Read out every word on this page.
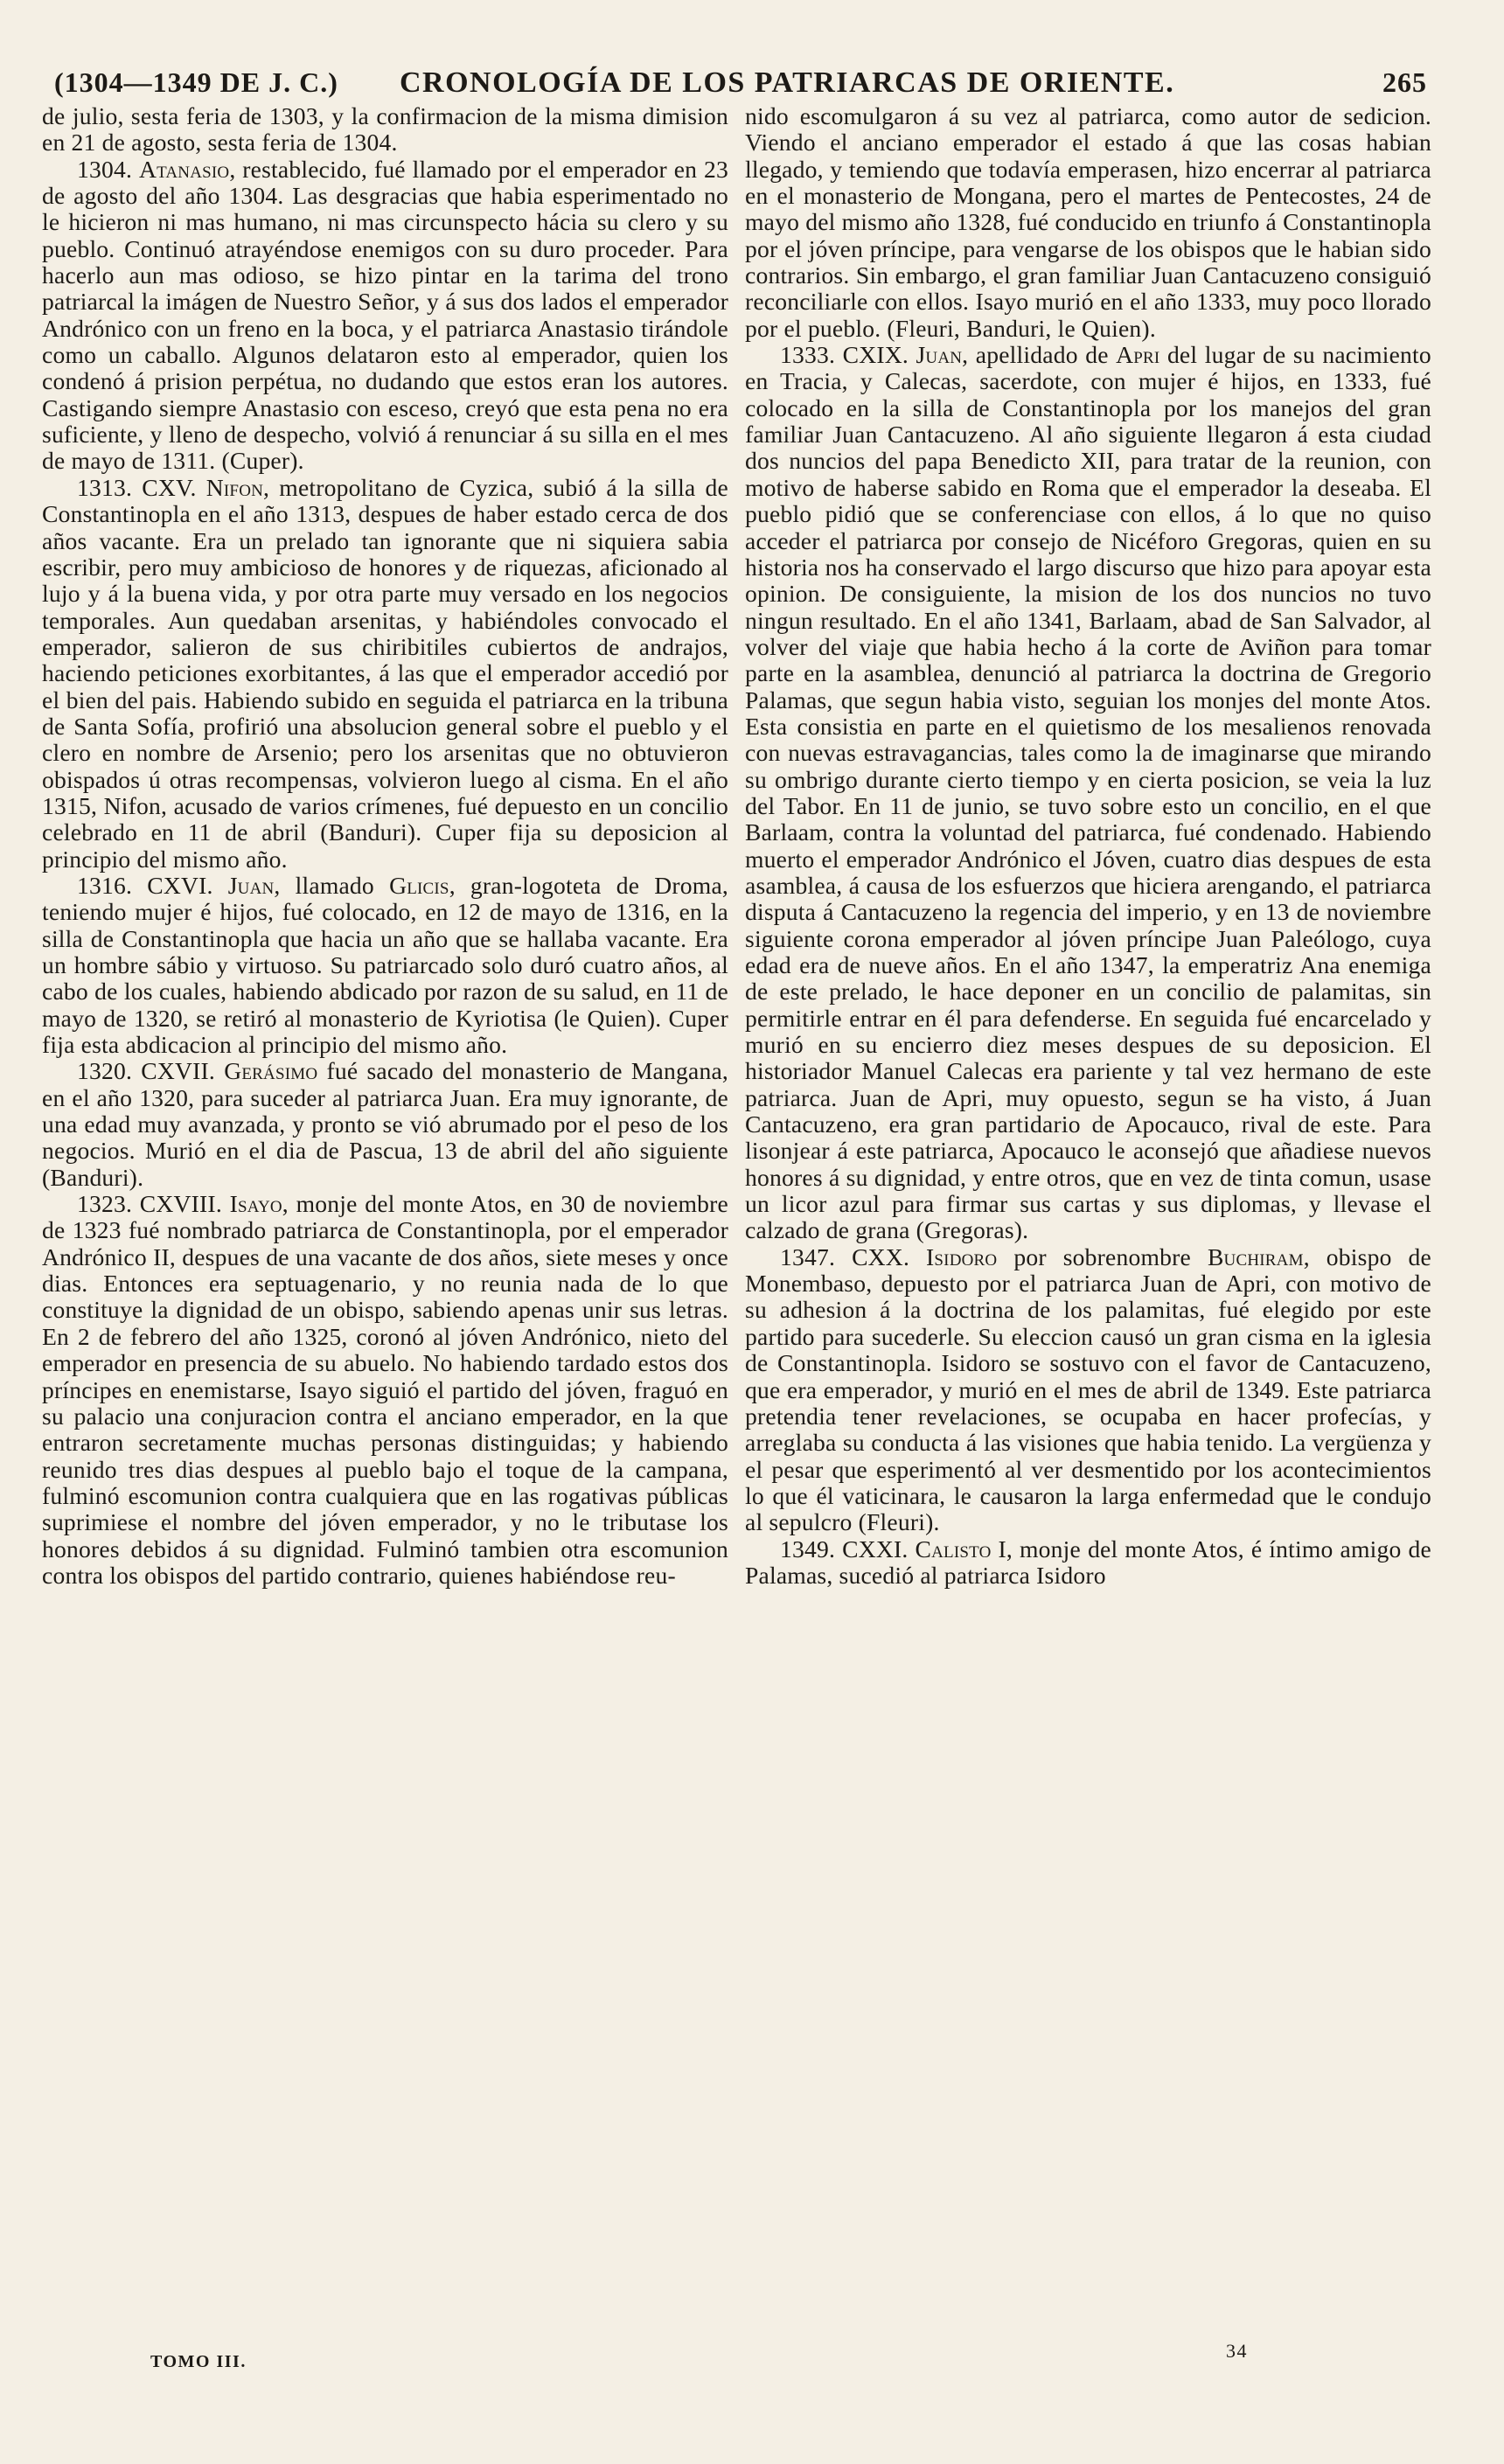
(1304—1349 DE J. C.) CRONOLOGÍA DE LOS PATRIARCAS DE ORIENTE.	265

de julio, sesta feria de 1303, y la confirmacion de la misma dimision en 21 de agosto, sesta feria de 1304.

1304. Atanasio, restablecido, fué llamado por el emperador en 23 de agosto del año 1304. Las desgracias que habia esperimentado no le hicieron ni mas humano, ni mas circunspecto hácia su clero y su pueblo. Continuó atrayéndose enemigos con su duro proceder. Para hacerlo aun mas odioso, se hizo pintar en la tarima del trono patriarcal la imágen de Nuestro Señor, y á sus dos lados el emperador Andrónico con un freno en la boca, y el patriarca Anastasio tirándole como un caballo. Algunos delataron esto al emperador, quien los condenó á prision perpétua, no dudando que estos eran los autores. Castigando siempre Anastasio con esceso, creyó que esta pena no era suficiente, y lleno de despecho, volvió á renunciar á su silla en el mes de mayo de 1311. (Cuper).

1313. CXV. Nifon, metropolitano de Cyzica, subió á la silla de Constantinopla en el año 1313, despues de haber estado cerca de dos años vacante. Era un prelado tan ignorante que ni siquiera sabia escribir, pero muy ambicioso de honores y de riquezas, aficionado al lujo y á la buena vida, y por otra parte muy versado en los negocios temporales. Aun quedaban arsenitas, y habiéndoles convocado el emperador, salieron de sus chiribitiles cubiertos de andrajos, haciendo peticiones exorbitantes, á las que el emperador accedió por el bien del pais. Habiendo subido en seguida el patriarca en la tribuna de Santa Sofía, profirió una absolucion general sobre el pueblo y el clero en nombre de Arsenio; pero los arsenitas que no obtuvieron obispados ú otras recompensas, volvieron luego al cisma. En el año 1315, Nifon, acusado de varios crímenes, fué depuesto en un concilio celebrado en 11 de abril (Banduri). Cuper fija su deposicion al principio del mismo año.

1316. CXVI. Juan, llamado Glicis, gran-logoteta de Droma, teniendo mujer é hijos, fué colocado, en 12 de mayo de 1316, en la silla de Constantinopla que hacia un año que se hallaba vacante. Era un hombre sábio y virtuoso. Su patriarcado solo duró cuatro años, al cabo de los cuales, habiendo abdicado por razon de su salud, en 11 de mayo de 1320, se retiró al monasterio de Kyriotisa (le Quien). Cuper fija esta abdicacion al principio del mismo año.

1320. CXVII. Gerásimo fué sacado del monasterio de Mangana, en el año 1320, para suceder al patriarca Juan. Era muy ignorante, de una edad muy avanzada, y pronto se vió abrumado por el peso de los negocios. Murió en el dia de Pascua, 13 de abril del año siguiente (Banduri).

1323. CXVIII. Isayo, monje del monte Atos, en 30 de noviembre de 1323 fué nombrado patriarca de Constantinopla, por el emperador Andrónico II, despues de una vacante de dos años, siete meses y once dias. Entonces era septuagenario, y no reunia nada de lo que constituye la dignidad de un obispo, sabiendo apenas unir sus letras. En 2 de febrero del año 1325, coronó al jóven Andrónico, nieto del emperador en presencia de su abuelo. No habiendo tardado estos dos príncipes en enemistarse, Isayo siguió el partido del jóven, fraguó en su palacio una conjuracion contra el anciano emperador, en la que entraron secretamente muchas personas distinguidas; y habiendo reunido tres dias despues al pueblo bajo el toque de la campana, fulminó escomunion contra cualquiera que en las rogativas públicas suprimiese el nombre del jóven emperador, y no le tributase los honores debidos á su dignidad. Fulminó tambien otra escomunion contra los obispos del partido contrario, quienes habiéndose reu-

nido escomulgaron á su vez al patriarca, como autor de sedicion. Viendo el anciano emperador el estado á que las cosas habian llegado, y temiendo que todavía emperasen, hizo encerrar al patriarca en el monasterio de Mongana, pero el martes de Pentecostes, 24 de mayo del mismo año 1328, fué conducido en triunfo á Constantinopla por el jóven príncipe, para vengarse de los obispos que le habian sido contrarios. Sin embargo, el gran familiar Juan Cantacuzeno consiguió reconciliarle con ellos. Isayo murió en el año 1333, muy poco llorado por el pueblo. (Fleuri, Banduri, le Quien).

1333. CXIX. Juan, apellidado de Apri del lugar de su nacimiento en Tracia, y Calecas, sacerdote, con mujer é hijos, en 1333, fué colocado en la silla de Constantinopla por los manejos del gran familiar Juan Cantacuzeno. Al año siguiente llegaron á esta ciudad dos nuncios del papa Benedicto XII, para tratar de la reunion, con motivo de haberse sabido en Roma que el emperador la deseaba. El pueblo pidió que se conferenciase con ellos, á lo que no quiso acceder el patriarca por consejo de Nicéforo Gregoras, quien en su historia nos ha conservado el largo discurso que hizo para apoyar esta opinion. De consiguiente, la mision de los dos nuncios no tuvo ningun resultado. En el año 1341, Barlaam, abad de San Salvador, al volver del viaje que habia hecho á la corte de Aviñon para tomar parte en la asamblea, denunció al patriarca la doctrina de Gregorio Palamas, que segun habia visto, seguian los monjes del monte Atos. Esta consistia en parte en el quietismo de los mesalienos renovada con nuevas estravagancias, tales como la de imaginarse que mirando su ombrigo durante cierto tiempo y en cierta posicion, se veia la luz del Tabor. En 11 de junio, se tuvo sobre esto un concilio, en el que Barlaam, contra la voluntad del patriarca, fué condenado. Habiendo muerto el emperador Andrónico el Jóven, cuatro dias despues de esta asamblea, á causa de los esfuerzos que hiciera arengando, el patriarca disputa á Cantacuzeno la regencia del imperio, y en 13 de noviembre siguiente corona emperador al jóven príncipe Juan Paleólogo, cuya edad era de nueve años. En el año 1347, la emperatriz Ana enemiga de este prelado, le hace deponer en un concilio de palamitas, sin permitirle entrar en él para defenderse. En seguida fué encarcelado y murió en su encierro diez meses despues de su deposicion. El historiador Manuel Calecas era pariente y tal vez hermano de este patriarca. Juan de Apri, muy opuesto, segun se ha visto, á Juan Cantacuzeno, era gran partidario de Apocauco, rival de este. Para lisonjear á este patriarca, Apocauco le aconsejó que añadiese nuevos honores á su dignidad, y entre otros, que en vez de tinta comun, usase un licor azul para firmar sus cartas y sus diplomas, y llevase el calzado de grana (Gregoras).

1347. CXX. Isidoro por sobrenombre Buchiram, obispo de Monembaso, depuesto por el patriarca Juan de Apri, con motivo de su adhesion á la doctrina de los palamitas, fué elegido por este partido para sucederle. Su eleccion causó un gran cisma en la iglesia de Constantinopla. Isidoro se sostuvo con el favor de Cantacuzeno, que era emperador, y murió en el mes de abril de 1349. Este patriarca pretendia tener revelaciones, se ocupaba en hacer profecías, y arreglaba su conducta á las visiones que habia tenido. La vergüenza y el pesar que esperimentó al ver desmentido por los acontecimientos lo que él vaticinara, le causaron la larga enfermedad que le condujo al sepulcro (Fleuri).

1349. CXXI. Calisto I, monje del monte Atos, é íntimo amigo de Palamas, sucedió al patriarca Isidoro

TOMO III.	34
